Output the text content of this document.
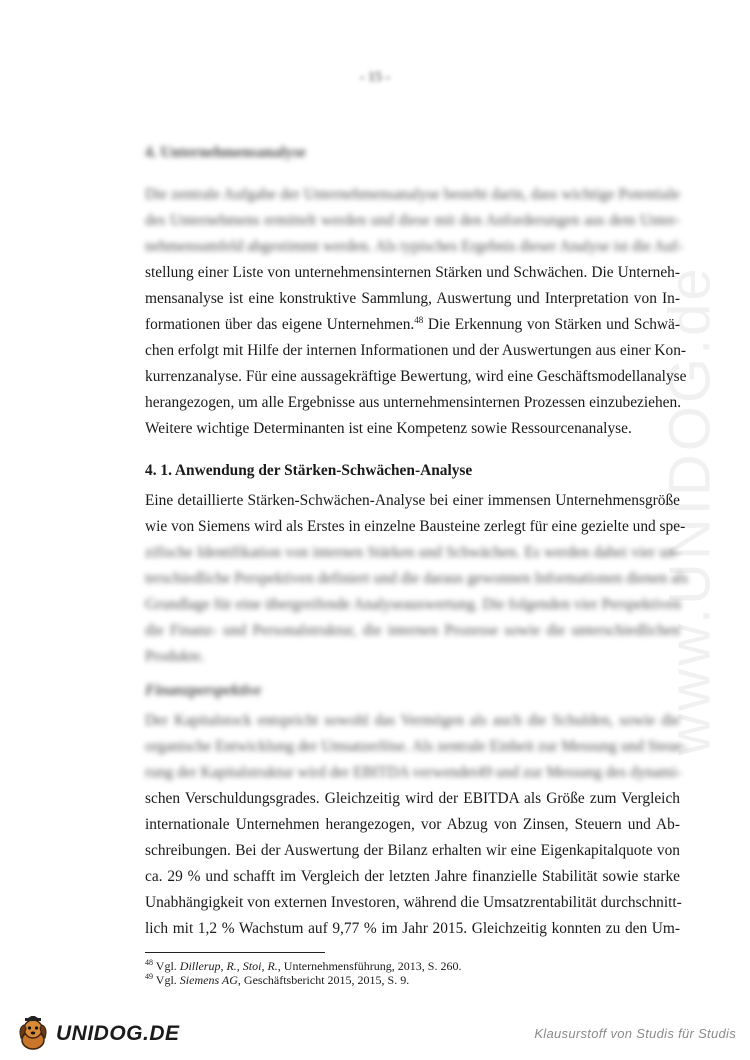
- 15 -
www.UNIDOG.de

4. Unternehmensanalyse

Die zentrale Aufgabe der Unternehmensanalyse besteht darin, dass wichtige Potentiale
des Unternehmens ermittelt werden und diese mit den Anforderungen aus dem Unter-
nehmensumfeld abgestimmt werden. Als typisches Ergebnis dieser Analyse ist die Auf-
stellung einer Liste von unternehmensinternen Stärken und Schwächen. Die Unterneh-
mensanalyse ist eine konstruktive Sammlung, Auswertung und Interpretation von In-
formationen über das eigene Unternehmen.$^{48}$ Die Erkennung von Stärken und Schwä-
chen erfolgt mit Hilfe der internen Informationen und der Auswertungen aus einer Kon-
kurrenzanalyse. Für eine aussagekräftige Bewertung, wird eine Geschäftsmodellanalyse
herangezogen, um alle Ergebnisse aus unternehmensinternen Prozessen einzubeziehen.
Weitere wichtige Determinanten ist eine Kompetenz sowie Ressourcenanalyse.

4. 1. Anwendung der Stärken-Schwächen-Analyse

Eine detaillierte Stärken-Schwächen-Analyse bei einer immensen Unternehmensgröße
wie von Siemens wird als Erstes in einzelne Bausteine zerlegt für eine gezielte und spe-
zifische Identifikation von internen Stärken und Schwächen. Es werden dabei vier un-
terschiedliche Perspektiven definiert und die daraus gewonnen Informationen dienen als
Grundlage für eine übergreifende Analyseauswertung. Die folgenden vier Perspektiven
die Finanz- und Personalstruktur, die internen Prozesse sowie die unterschiedlichen
Produkte.

Finanzperspektive

Der Kapitalstock entspricht sowohl das Vermögen als auch die Schulden, sowie die
organische Entwicklung der Umsatzerlöse. Als zentrale Einheit zur Messung und Steue-
rung der Kapitalstruktur wird der EBITDA verwendet49 und zur Messung des dynami-
schen Verschuldungsgrades. Gleichzeitig wird der EBITDA als Größe zum Vergleich
internationale Unternehmen herangezogen, vor Abzug von Zinsen, Steuern und Ab-
schreibungen. Bei der Auswertung der Bilanz erhalten wir eine Eigenkapitalquote von
ca. 29 % und schafft im Vergleich der letzten Jahre finanzielle Stabilität sowie starke
Unabhängigkeit von externen Investoren, während die Umsatzrentabilität durchschnitt-
lich mit 1,2 % Wachstum auf 9,77 % im Jahr 2015. Gleichzeitig konnten zu den Um-
$^{48}$ Vgl. Dillerup, R., Stoi, R., Unternehmensführung, 2013, S. 260.
$^{49}$ Vgl. Siemens AG, Geschäftsbericht 2015, 2015, S. 9.
UNIDOG.DE	Klausurstoff von Studis für Studis
